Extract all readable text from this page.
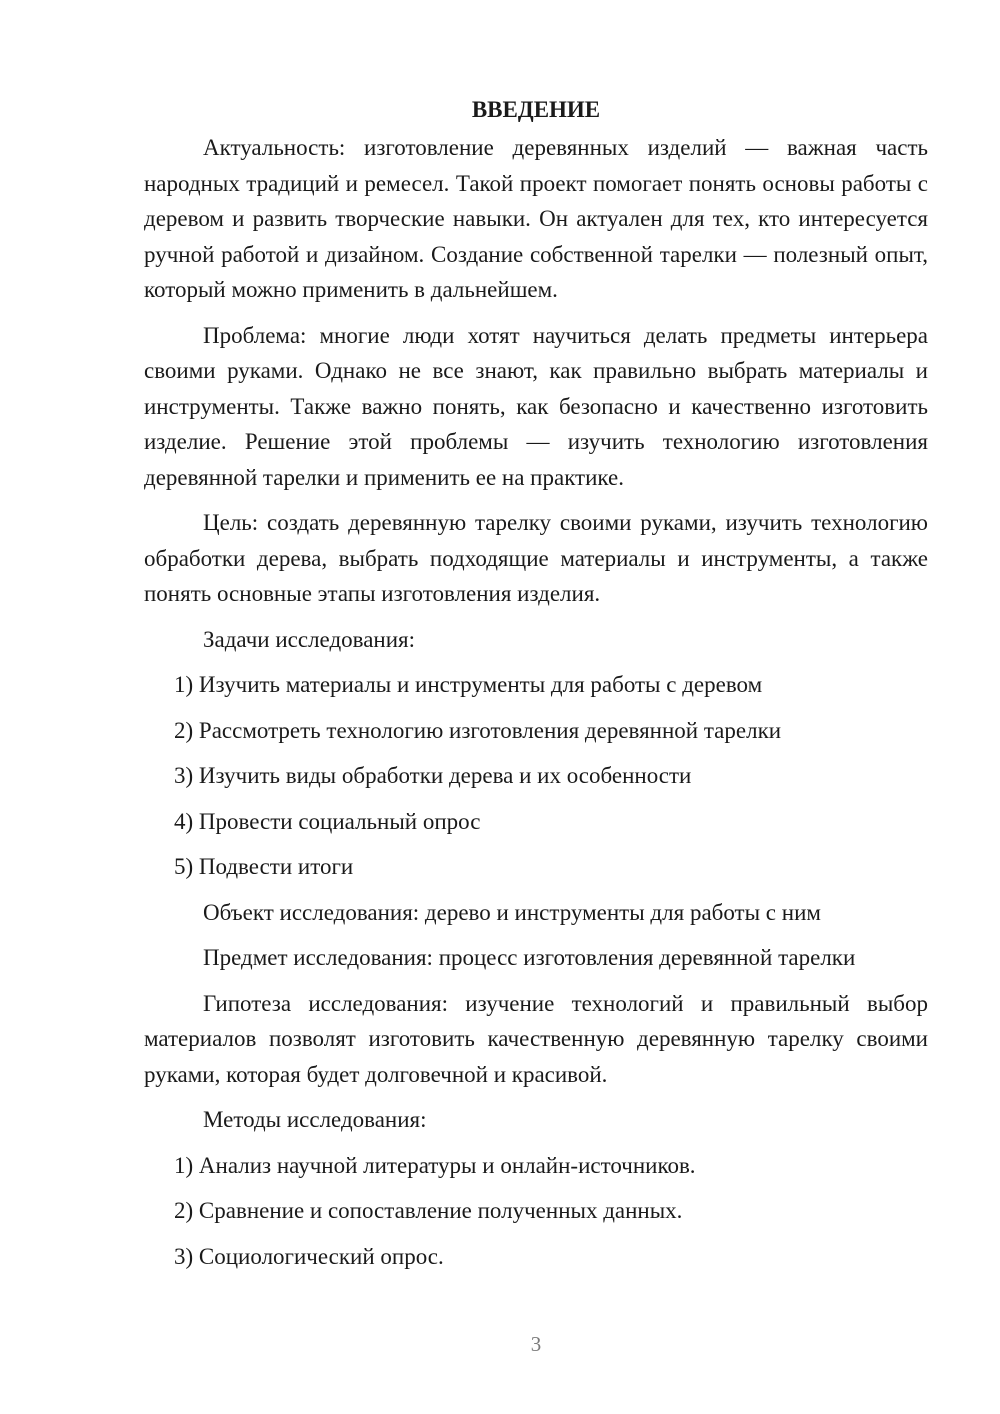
ВВЕДЕНИЕ

Актуальность: изготовление деревянных изделий — важная часть народных традиций и ремесел. Такой проект помогает понять основы работы с деревом и развить творческие навыки. Он актуален для тех, кто интересуется ручной работой и дизайном. Создание собственной тарелки — полезный опыт, который можно применить в дальнейшем.

Проблема: многие люди хотят научиться делать предметы интерьера своими руками. Однако не все знают, как правильно выбрать материалы и инструменты. Также важно понять, как безопасно и качественно изготовить изделие. Решение этой проблемы — изучить технологию изготовления деревянной тарелки и применить ее на практике.

Цель: создать деревянную тарелку своими руками, изучить технологию обработки дерева, выбрать подходящие материалы и инструменты, а также понять основные этапы изготовления изделия.

Задачи исследования:
1) Изучить материалы и инструменты для работы с деревом
2) Рассмотреть технологию изготовления деревянной тарелки
3) Изучить виды обработки дерева и их особенности
4) Провести социальный опрос
5) Подвести итоги
Объект исследования: дерево и инструменты для работы с ним
Предмет исследования: процесс изготовления деревянной тарелки

Гипотеза исследования: изучение технологий и правильный выбор материалов позволят изготовить качественную деревянную тарелку своими руками, которая будет долговечной и красивой.

Методы исследования:
1) Анализ научной литературы и онлайн-источников.
2) Сравнение и сопоставление полученных данных.
3) Социологический опрос.
3
